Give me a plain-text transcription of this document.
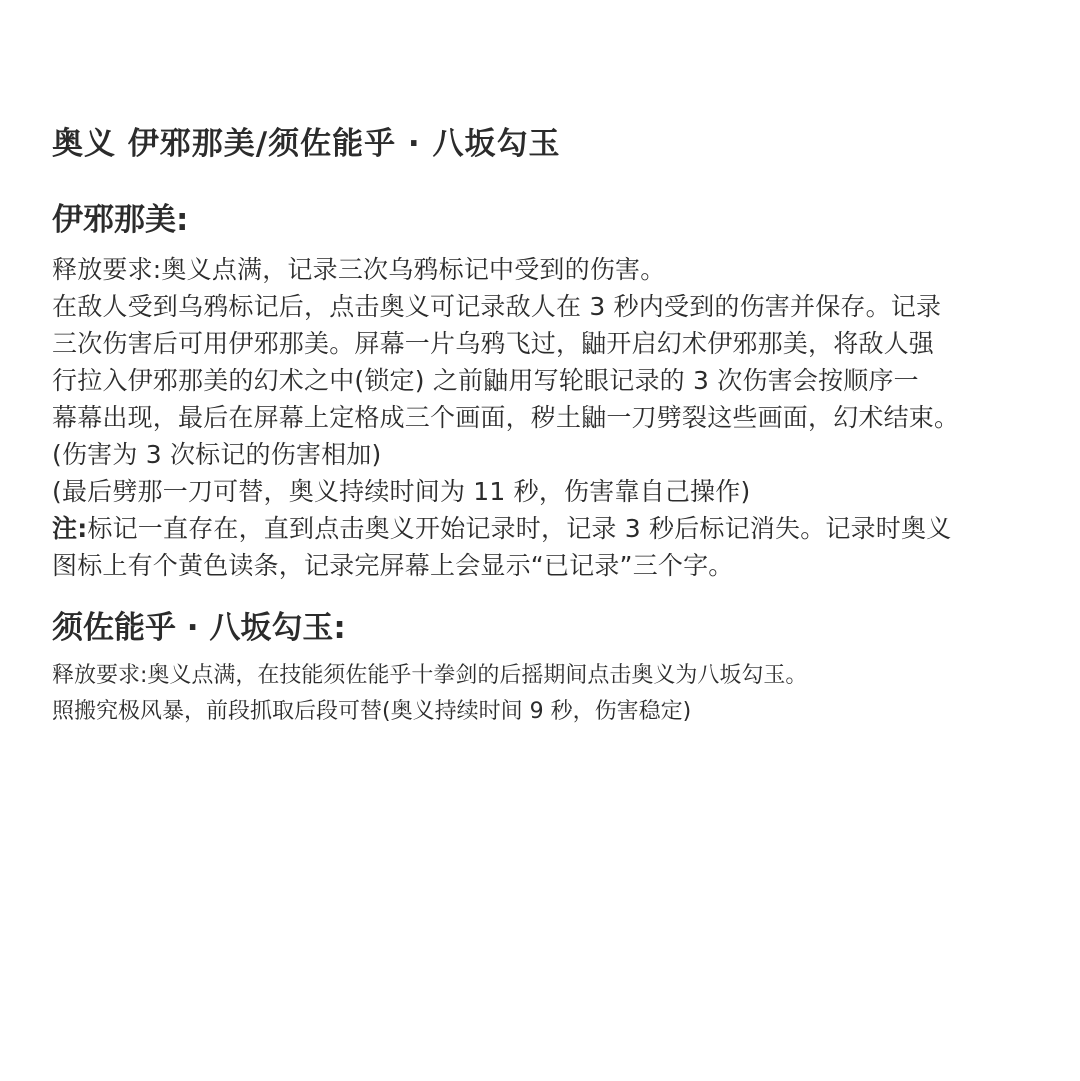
奥义 伊邪那美/须佐能乎 · 八坂勾玉
伊邪那美:
释放要求:奥义点满，记录三次乌鸦标记中受到的伤害。
在敌人受到乌鸦标记后，点击奥义可记录敌人在 3 秒内受到的伤害并保存。记录
三次伤害后可用伊邪那美。屏幕一片乌鸦飞过，鼬开启幻术伊邪那美，将敌人强
行拉入伊邪那美的幻术之中(锁定) 之前鼬用写轮眼记录的 3 次伤害会按顺序一
幕幕出现，最后在屏幕上定格成三个画面，秽土鼬一刀劈裂这些画面，幻术结束。
(伤害为 3 次标记的伤害相加)
(最后劈那一刀可替，奥义持续时间为 11 秒，伤害靠自己操作)
注:标记一直存在，直到点击奥义开始记录时，记录 3 秒后标记消失。记录时奥义
图标上有个黄色读条，记录完屏幕上会显示“已记录”三个字。
须佐能乎 · 八坂勾玉:
释放要求:奥义点满，在技能须佐能乎十拳剑的后摇期间点击奥义为八坂勾玉。
照搬究极风暴，前段抓取后段可替(奥义持续时间 9 秒，伤害稳定)
